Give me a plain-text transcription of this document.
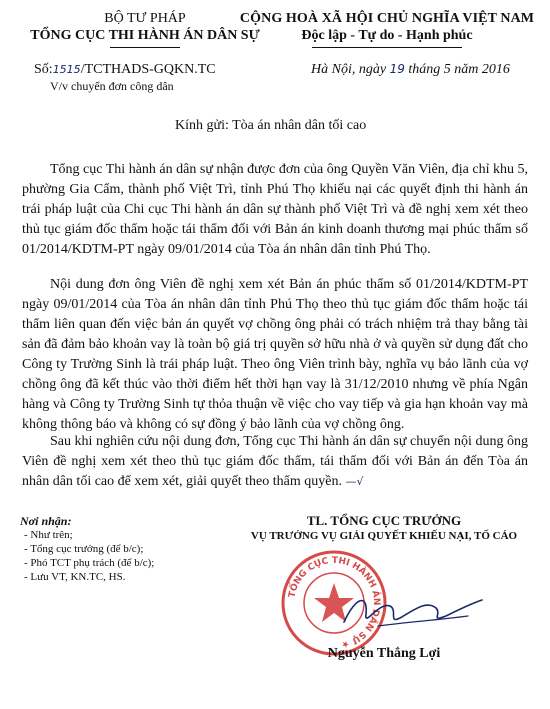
BỘ TƯ PHÁP
TỔNG CỤC THI HÀNH ÁN DÂN SỰ
CỘNG HOÀ XÃ HỘI CHỦ NGHĨA VIỆT NAM
Độc lập - Tự do - Hạnh phúc
Số:1515/TCTHADS-GQKN.TC
V/v chuyển đơn công dân
Hà Nội, ngày 19 tháng 5 năm 2016
Kính gửi: Tòa án nhân dân tối cao
Tổng cục Thi hành án dân sự nhận được đơn của ông Quyền Văn Viên, địa chỉ khu 5, phường Gia Cẩm, thành phố Việt Trì, tỉnh Phú Thọ khiếu nại các quyết định thi hành án trái pháp luật của Chi cục Thi hành án dân sự thành phố Việt Trì và đề nghị xem xét theo thủ tục giám đốc thẩm hoặc tái thẩm đối với Bản án kinh doanh thương mại phúc thẩm số 01/2014/KDTM-PT ngày 09/01/2014 của Tòa án nhân dân tỉnh Phú Thọ.
Nội dung đơn ông Viên đề nghị xem xét Bản án phúc thẩm số 01/2014/KDTM-PT ngày 09/01/2014 của Tòa án nhân dân tỉnh Phú Thọ theo thủ tục giám đốc thẩm hoặc tái thẩm liên quan đến việc bản án quyết vợ chồng ông phải có trách nhiệm trả thay bằng tài sản đã đảm bảo khoản vay là toàn bộ giá trị quyền sở hữu nhà ở và quyền sử dụng đất cho Công ty Trường Sinh là trái pháp luật. Theo ông Viên trình bày, nghĩa vụ bảo lãnh của vợ chồng ông đã kết thúc vào thời điểm hết thời hạn vay là 31/12/2010 nhưng về phía Ngân hàng và Công ty Trường Sinh tự thỏa thuận về việc cho vay tiếp và gia hạn khoản vay mà không thông báo và không có sự đồng ý bảo lãnh của vợ chồng ông.
Sau khi nghiên cứu nội dung đơn, Tổng cục Thi hành án dân sự chuyển nội dung ông Viên đề nghị xem xét theo thủ tục giám đốc thẩm, tái thẩm đối với Bản án đến Tòa án nhân dân tối cao để xem xét, giải quyết theo thẩm quyền. —√
Nơi nhận:
- Như trên;
- Tổng cục trưởng (để b/c);
- Phó TCT phụ trách (để b/c);
- Lưu VT, KN.TC, HS.
TL. TỔNG CỤC TRƯỞNG
VỤ TRƯỞNG VỤ GIẢI QUYẾT KHIẾU NẠI, TỐ CÁO
TỔNG CỤC THI HÀNH ÁN DÂN SỰ ★
Nguyễn Thắng Lợi
